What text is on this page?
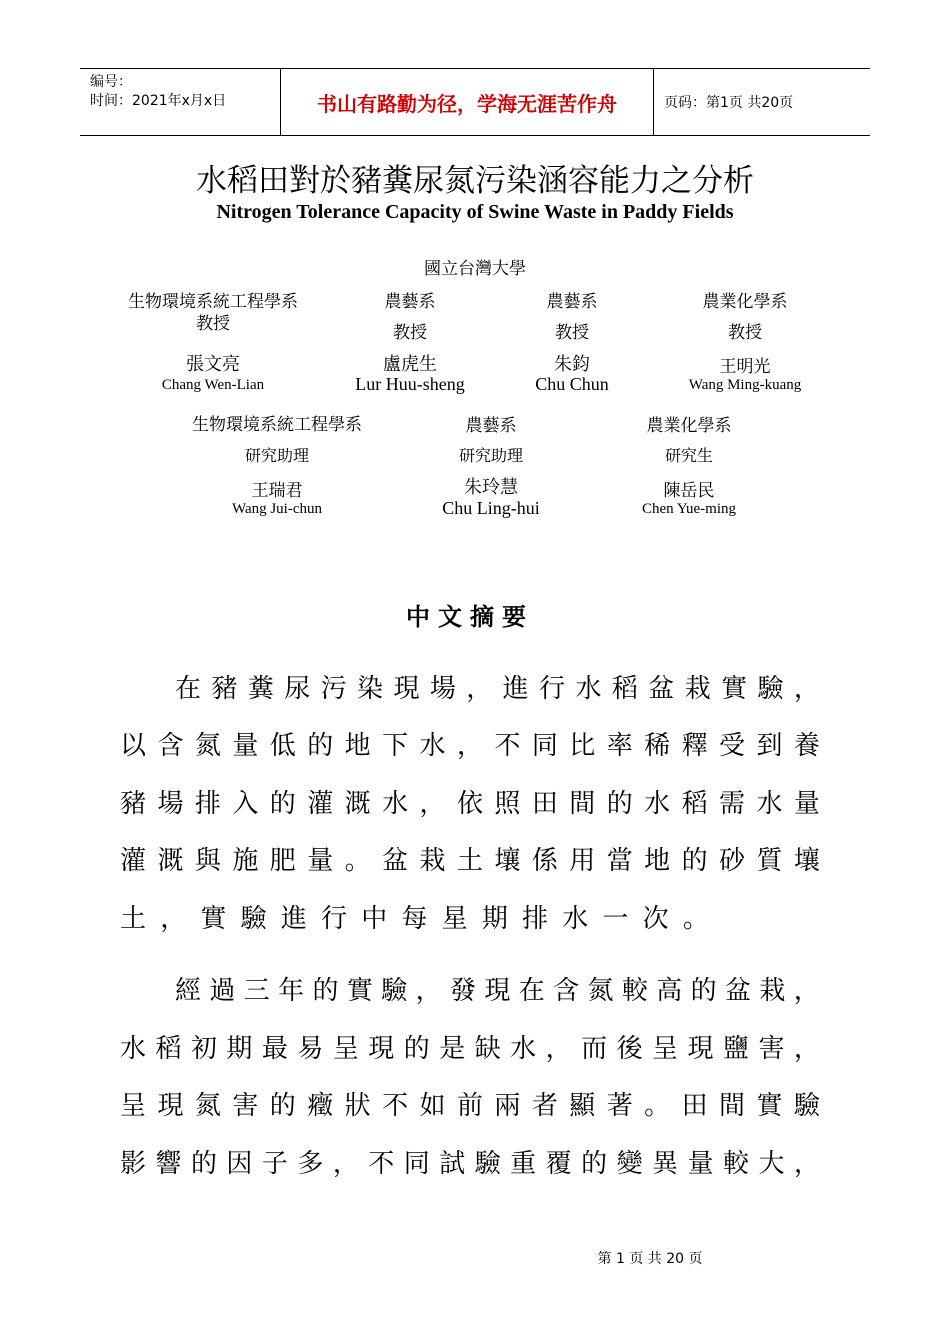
编号：
时间：2021年x月x日	书山有路勤为径，学海无涯苦作舟	页码：第1页 共20页
水稻田對於豬糞尿氮污染涵容能力之分析
Nitrogen Tolerance Capacity of Swine Waste in Paddy Fields
國立台灣大學
生物環境系統工程學系
教授
張文亮
Chang Wen-Lian
農藝系
教授
盧虎生
Lur Huu-sheng
農藝系
教授
朱鈞
Chu Chun
農業化學系
教授
王明光
Wang Ming-kuang
生物環境系統工程學系
研究助理
王瑞君
Wang Jui-chun
農藝系
研究助理
朱玲慧
Chu Ling-hui
農業化學系
研究生
陳岳民
Chen Yue-ming
中文摘要
在 豬 糞 尿 污 染 現 場 ， 進 行 水 稻 盆 栽 實 驗 ，
以 含 氮 量 低 的 地 下 水 ， 不 同 比 率 稀 釋 受 到 養
豬 場 排 入 的 灌 溉 水 ， 依 照 田 間 的 水 稻 需 水 量
灌 溉 與 施 肥 量 。 盆 栽 土 壤 係 用 當 地 的 砂 質 壤
土 ， 實 驗 進 行 中 每 星 期 排 水 一 次 。
經 過 三 年 的 實 驗 ， 發 現 在 含 氮 較 高 的 盆 栽 ，
水 稻 初 期 最 易 呈 現 的 是 缺 水 ， 而 後 呈 現 鹽 害 ，
呈 現 氮 害 的 癥 狀 不 如 前 兩 者 顯 著 。 田 間 實 驗
影 響 的 因 子 多 ， 不 同 試 驗 重 覆 的 變 異 量 較 大 ，
第 1 页 共 20 页
